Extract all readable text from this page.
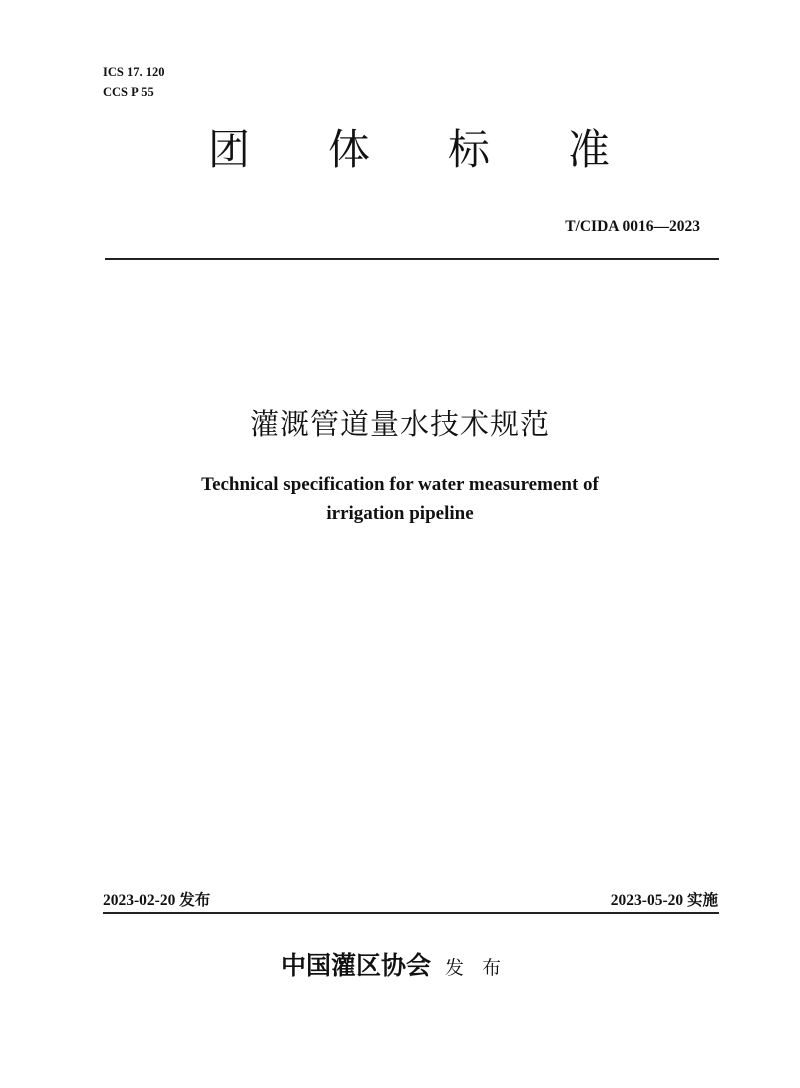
ICS 17. 120
CCS P 55
团 体 标 准
T/CIDA 0016—2023
灌溉管道量水技术规范
Technical specification for water measurement of
irrigation pipeline
2023-02-20 发布	2023-05-20 实施
中国灌区协会 发布
